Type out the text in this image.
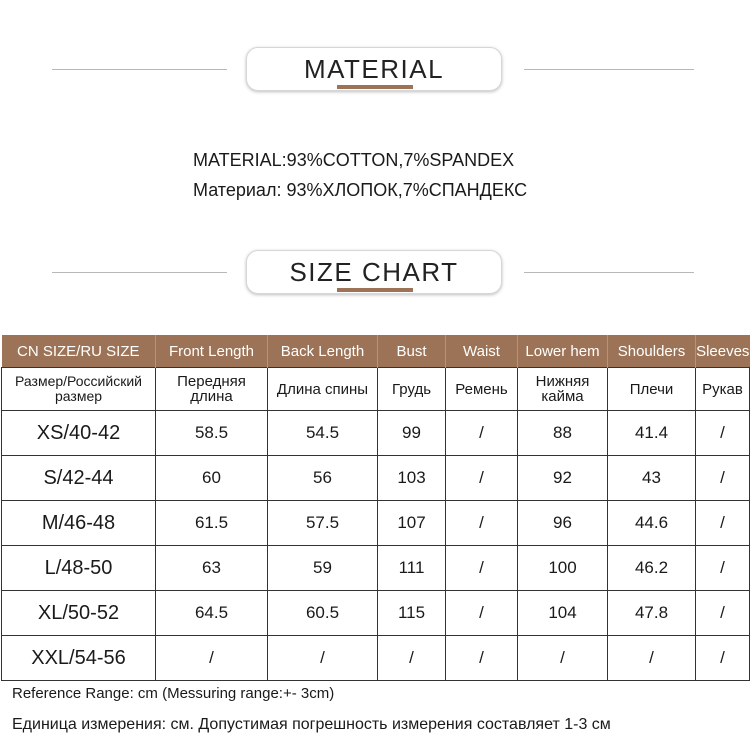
MATERIAL
MATERIAL:93%COTTON,7%SPANDEX
Материал: 93%ХЛОПОК,7%СПАНДЕКС
SIZE CHART
CN SIZE/RU SIZE	Front Length	Back Length	Bust	Waist	Lower hem	Shoulders	Sleeves
Размер/Российский размер	Передняя длина	Длина спины	Грудь	Ремень	Нижняя кайма	Плечи	Рукав
XS/40-42	58.5	54.5	99	/	88	41.4	/
S/42-44	60	56	103	/	92	43	/
M/46-48	61.5	57.5	107	/	96	44.6	/
L/48-50	63	59	111	/	100	46.2	/
XL/50-52	64.5	60.5	115	/	104	47.8	/
XXL/54-56	/	/	/	/	/	/	/
Reference Range: cm (Messuring range:+- 3cm)
Единица измерения: см. Допустимая погрешность измерения составляет 1-3 см
